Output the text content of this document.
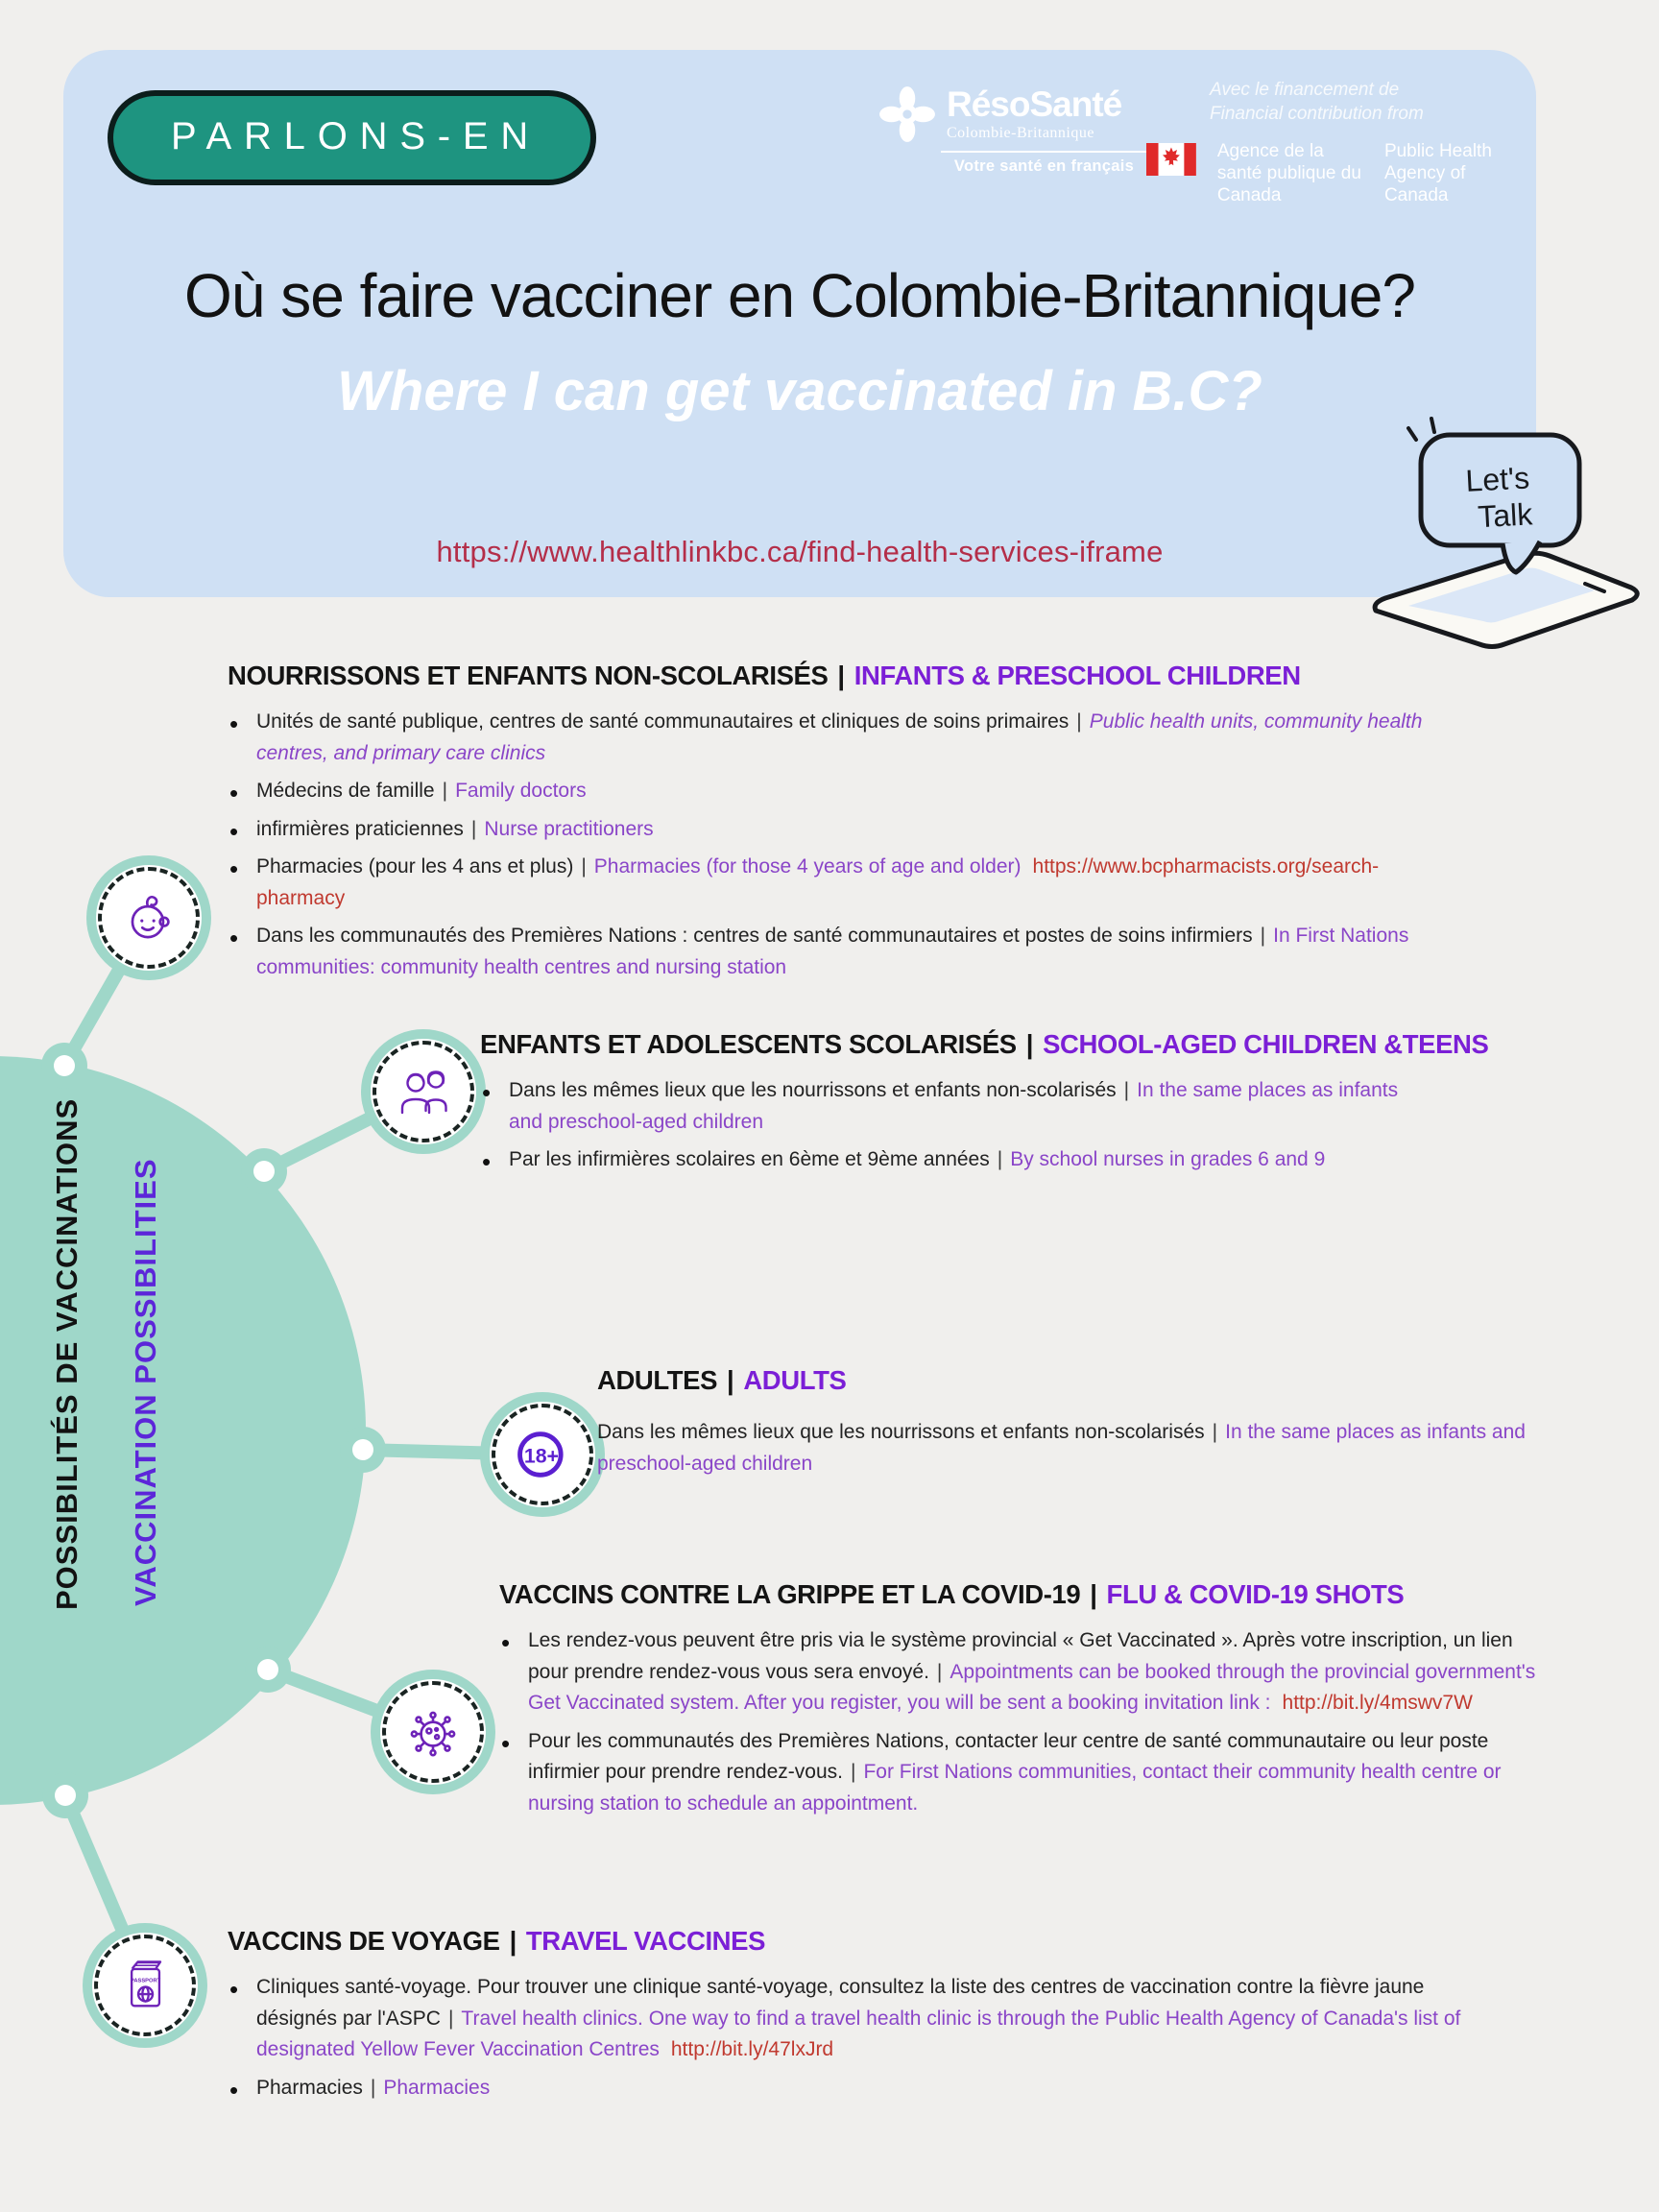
POSSIBILITÉS DE VACCINATIONS VACCINATION POSSIBILITIES	18+
PASSPORT
PARLONS-EN
RésoSanté
Colombie-Britannique
Votre santé en français

Avec le financement de
Financial contribution from

Agence de la santé publique du Canada
Public Health Agency of Canada
Où se faire vacciner en Colombie-Britannique?
Where I can get vaccinated in B.C?
https://www.healthlinkbc.ca/find-health-services-iframe
Let's
Talk
NOURRISSONS ET ENFANTS NON-SCOLARISÉS | INFANTS & PRESCHOOL CHILDREN
• Unités de santé publique, centres de santé communautaires et cliniques de soins primaires | Public health units, community health centres, and primary care clinics
• Médecins de famille | Family doctors
• infirmières praticiennes | Nurse practitioners
• Pharmacies (pour les 4 ans et plus) | Pharmacies (for those 4 years of age and older) https://www.bcpharmacists.org/search-pharmacy
• Dans les communautés des Premières Nations : centres de santé communautaires et postes de soins infirmiers | In First Nations communities: community health centres and nursing station
ENFANTS ET ADOLESCENTS SCOLARISÉS | SCHOOL-AGED CHILDREN &TEENS
• Dans les mêmes lieux que les nourrissons et enfants non-scolarisés | In the same places as infants and preschool-aged children
• Par les infirmières scolaires en 6ème et 9ème années | By school nurses in grades 6 and 9
ADULTES | ADULTS

Dans les mêmes lieux que les nourrissons et enfants non-scolarisés | In the same places as infants and preschool-aged children

VACCINS CONTRE LA GRIPPE ET LA COVID-19 | FLU & COVID-19 SHOTS
• Les rendez-vous peuvent être pris via le système provincial « Get Vaccinated ». Après votre inscription, un lien pour prendre rendez-vous vous sera envoyé. | Appointments can be booked through the provincial government's Get Vaccinated system. After you register, you will be sent a booking invitation link : http://bit.ly/4mswv7W
• Pour les communautés des Premières Nations, contacter leur centre de santé communautaire ou leur poste infirmier pour prendre rendez-vous. | For First Nations communities, contact their community health centre or nursing station to schedule an appointment.
VACCINS DE VOYAGE | TRAVEL VACCINES
• Cliniques santé-voyage. Pour trouver une clinique santé-voyage, consultez la liste des centres de vaccination contre la fièvre jaune désignés par l'ASPC | Travel health clinics. One way to find a travel health clinic is through the Public Health Agency of Canada's list of designated Yellow Fever Vaccination Centres http://bit.ly/47lxJrd
• Pharmacies | Pharmacies
